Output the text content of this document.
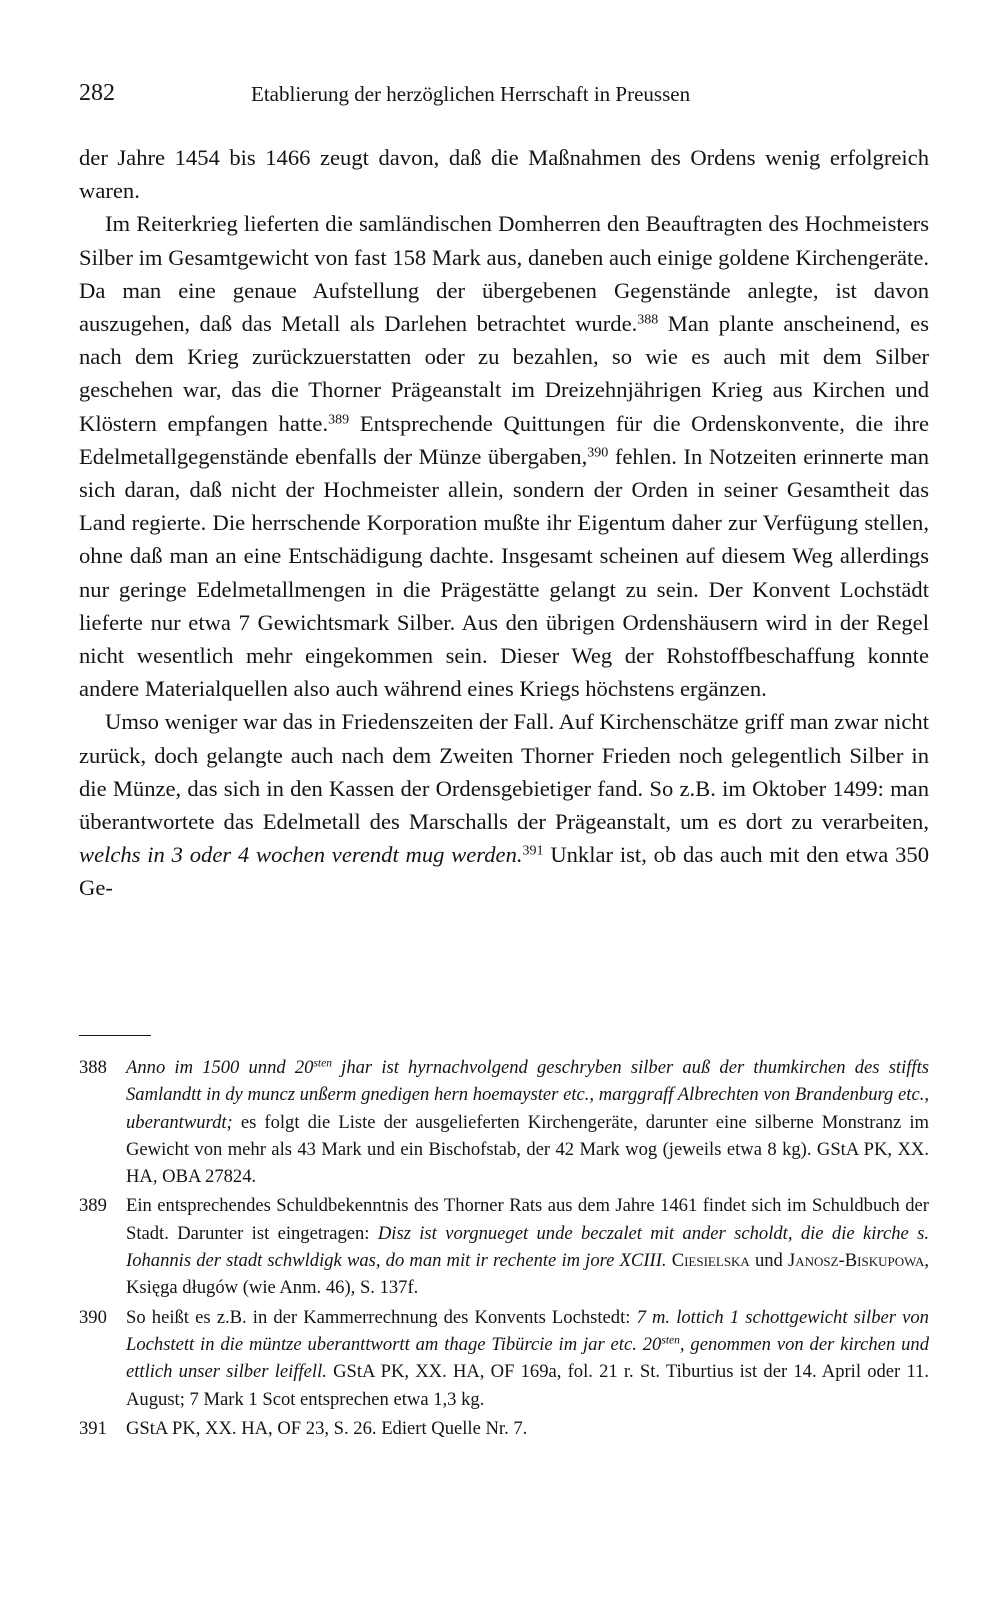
282	Etablierung der herzöglichen Herrschaft in Preussen

der Jahre 1454 bis 1466 zeugt davon, daß die Maßnahmen des Ordens wenig erfolgreich waren.

Im Reiterkrieg lieferten die samländischen Domherren den Beauftragten des Hochmeisters Silber im Gesamtgewicht von fast 158 Mark aus, daneben auch einige goldene Kirchengeräte. Da man eine genaue Aufstellung der übergebenen Gegenstände anlegte, ist davon auszugehen, daß das Metall als Darlehen betrachtet wurde.$^{388}$ Man plante anscheinend, es nach dem Krieg zurückzuerstatten oder zu bezahlen, so wie es auch mit dem Silber geschehen war, das die Thorner Prägeanstalt im Dreizehnjährigen Krieg aus Kirchen und Klöstern empfangen hatte.$^{389}$ Entsprechende Quittungen für die Ordenskonvente, die ihre Edelmetallgegenstände ebenfalls der Münze übergaben,$^{390}$ fehlen. In Notzeiten erinnerte man sich daran, daß nicht der Hochmeister allein, sondern der Orden in seiner Gesamtheit das Land regierte. Die herrschende Korporation mußte ihr Eigentum daher zur Verfügung stellen, ohne daß man an eine Entschädigung dachte. Insgesamt scheinen auf diesem Weg allerdings nur geringe Edelmetallmengen in die Prägestätte gelangt zu sein. Der Konvent Lochstädt lieferte nur etwa 7 Gewichtsmark Silber. Aus den übrigen Ordenshäusern wird in der Regel nicht wesentlich mehr eingekommen sein. Dieser Weg der Rohstoffbeschaffung konnte andere Materialquellen also auch während eines Kriegs höchstens ergänzen.

Umso weniger war das in Friedenszeiten der Fall. Auf Kirchenschätze griff man zwar nicht zurück, doch gelangte auch nach dem Zweiten Thorner Frieden noch gelegentlich Silber in die Münze, das sich in den Kassen der Ordensgebietiger fand. So z.B. im Oktober 1499: man überantwortete das Edelmetall des Marschalls der Prägeanstalt, um es dort zu verarbeiten, welchs in 3 oder 4 wochen verendt mug werden.$^{391}$ Unklar ist, ob das auch mit den etwa 350 Ge-

388 Anno im 1500 unnd $20^{sten}$ jhar ist hyrnachvolgend geschryben silber auß der thumkirchen des stiffts Samlandtt in dy muncz unßerm gnedigen hern hoemayster etc., marggraff Albrechten von Brandenburg etc., uberantwurdt; es folgt die Liste der ausgelieferten Kirchengeräte, darunter eine silberne Monstranz im Gewicht von mehr als 43 Mark und ein Bischofstab, der 42 Mark wog (jeweils etwa 8 kg). GStA PK, XX. HA, OBA 27824.
389 Ein entsprechendes Schuldbekenntnis des Thorner Rats aus dem Jahre 1461 findet sich im Schuldbuch der Stadt. Darunter ist eingetragen: Disz ist vorgnueget unde beczalet mit ander scholdt, die die kirche s. Iohannis der stadt schwldigk was, do man mit ir rechente im jore XCIII. Ciesielska und Janosz-Biskupowa, Księga długów (wie Anm. 46), S. 137f.
390 So heißt es z.B. in der Kammerrechnung des Konvents Lochstedt: 7 m. lottich 1 schottgewicht silber von Lochstett in die müntze uberanttwortt am thage Tibürcie im jar etc. $20^{sten}$, genommen von der kirchen und ettlich unser silber leiffell. GStA PK, XX. HA, OF 169a, fol. 21 r. St. Tiburtius ist der 14. April oder 11. August; 7 Mark 1 Scot entsprechen etwa 1,3 kg.
391 GStA PK, XX. HA, OF 23, S. 26. Ediert Quelle Nr. 7.
